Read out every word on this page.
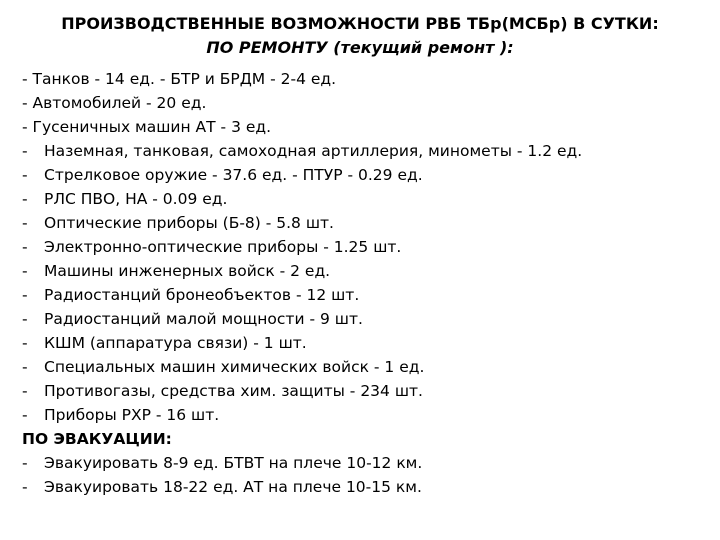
ПРОИЗВОДСТВЕННЫЕ ВОЗМОЖНОСТИ РВБ ТБр(МСБр) В СУТКИ:
ПО РЕМОНТУ (текущий ремонт ):
- Танков - 14 ед. - БТР и БРДМ - 2-4 ед.
- Автомобилей - 20 ед.
- Гусеничных машин АТ - 3 ед.
- Наземная, танковая, самоходная артиллерия, минометы - 1.2 ед.
- Стрелковое оружие - 37.6 ед. - ПТУР - 0.29 ед.
- РЛС ПВО, НА - 0.09 ед.
- Оптические приборы (Б-8) - 5.8 шт.
- Электронно-оптические приборы - 1.25 шт.
- Машины инженерных войск - 2 ед.
- Радиостанций бронеобъектов - 12 шт.
- Радиостанций малой мощности - 9 шт.
- КШМ (аппаратура связи) - 1 шт.
- Специальных машин химических войск - 1 ед.
- Противогазы, средства хим. защиты - 234 шт.
- Приборы РХР - 16 шт.
ПО ЭВАКУАЦИИ:
- Эвакуировать 8-9 ед. БТВТ на плече 10-12 км.
- Эвакуировать 18-22 ед. АТ на плече 10-15 км.
